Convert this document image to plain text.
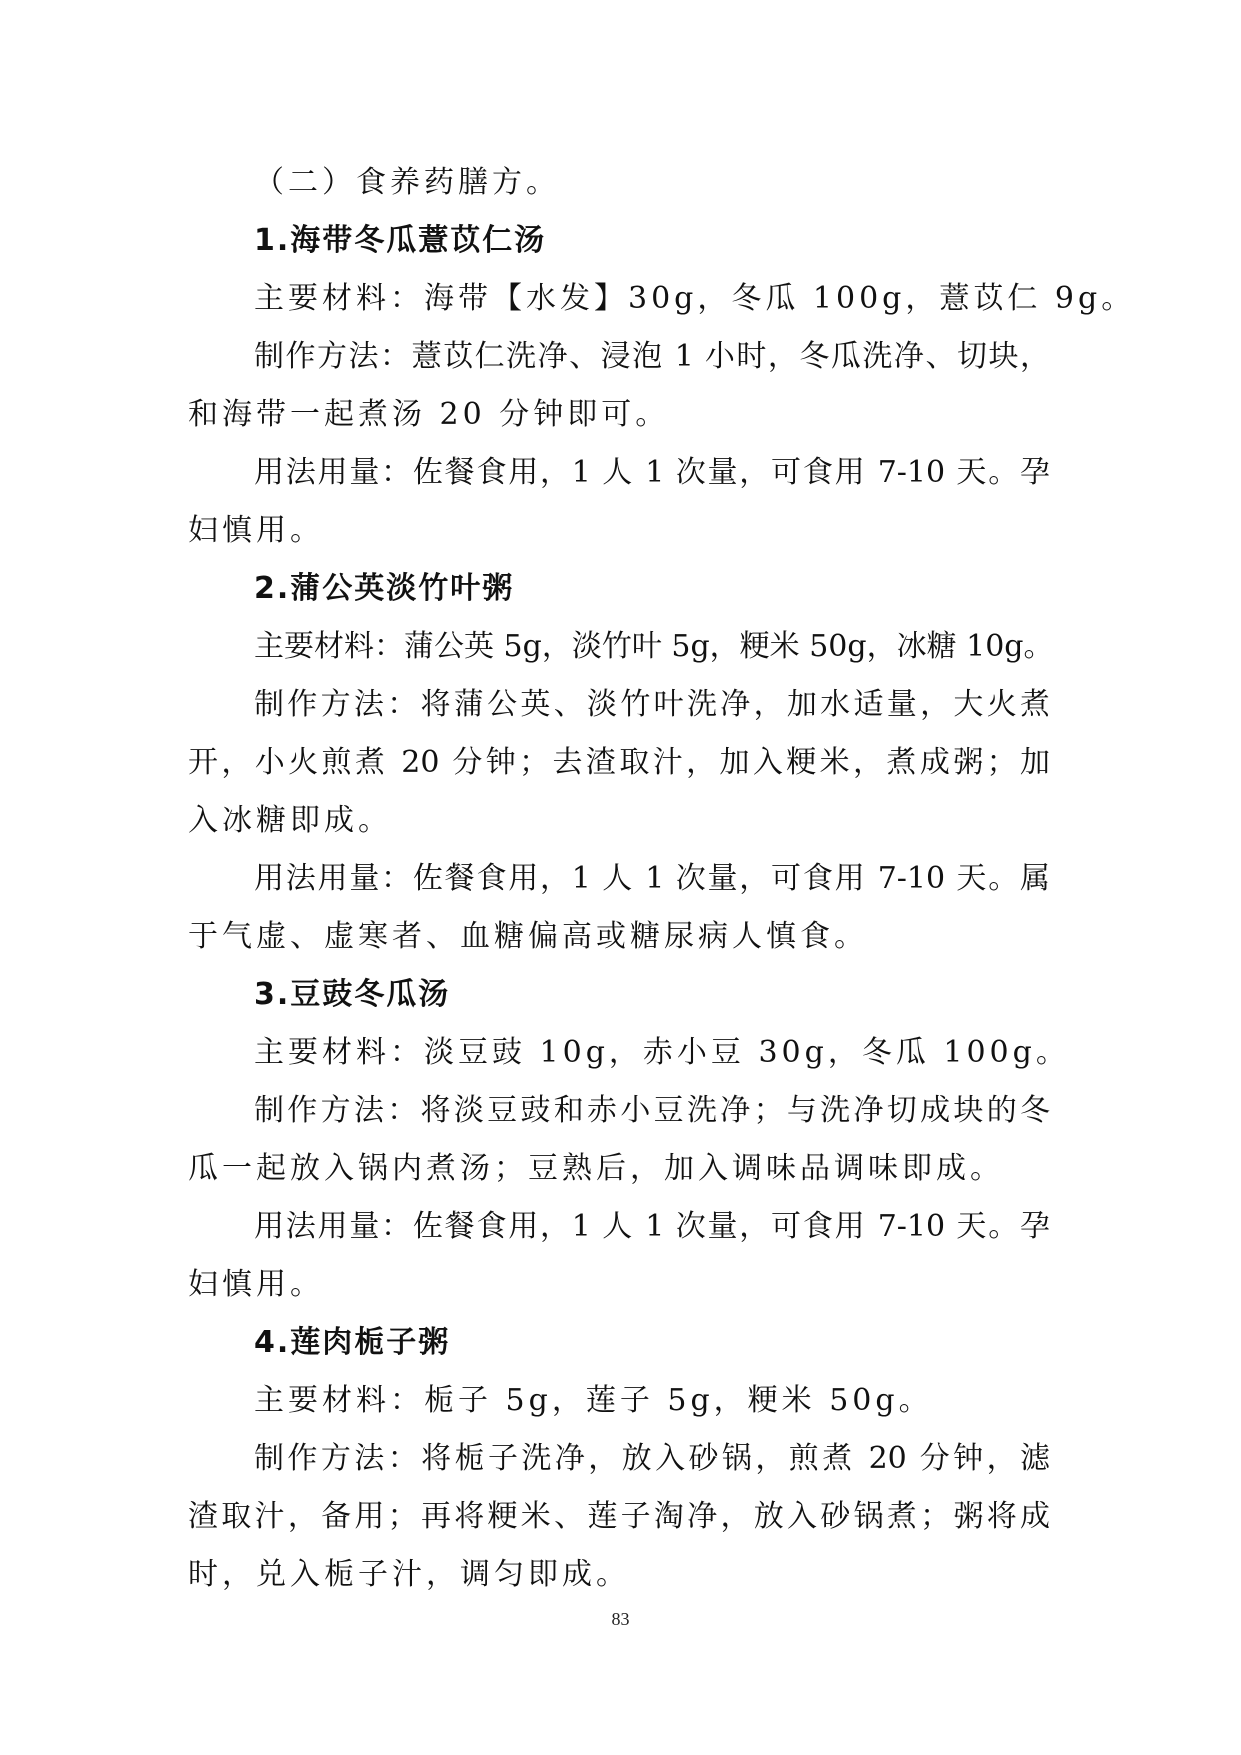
（二）食养药膳方。
1.海带冬瓜薏苡仁汤
主要材料：海带【水发】30g，冬瓜 100g，薏苡仁 9g。
制作方法：薏苡仁洗净、浸泡 1 小时，冬瓜洗净、切块，
和海带一起煮汤 20 分钟即可。
用法用量：佐餐食用，1 人 1 次量，可食用 7-10 天。孕
妇慎用。
2.蒲公英淡竹叶粥
主要材料：蒲公英 5g，淡竹叶 5g，粳米 50g，冰糖 10g。
制作方法：将蒲公英、淡竹叶洗净，加水适量，大火煮
开，小火煎煮 20 分钟；去渣取汁，加入粳米，煮成粥；加
入冰糖即成。
用法用量：佐餐食用，1 人 1 次量，可食用 7-10 天。属
于气虚、虚寒者、血糖偏高或糖尿病人慎食。
3.豆豉冬瓜汤
主要材料：淡豆豉 10g，赤小豆 30g，冬瓜 100g。
制作方法：将淡豆豉和赤小豆洗净；与洗净切成块的冬
瓜一起放入锅内煮汤；豆熟后，加入调味品调味即成。
用法用量：佐餐食用，1 人 1 次量，可食用 7-10 天。孕
妇慎用。
4.莲肉栀子粥
主要材料：栀子 5g，莲子 5g，粳米 50g。
制作方法：将栀子洗净，放入砂锅，煎煮 20 分钟，滤
渣取汁，备用；再将粳米、莲子淘净，放入砂锅煮；粥将成
时，兑入栀子汁，调匀即成。
83
